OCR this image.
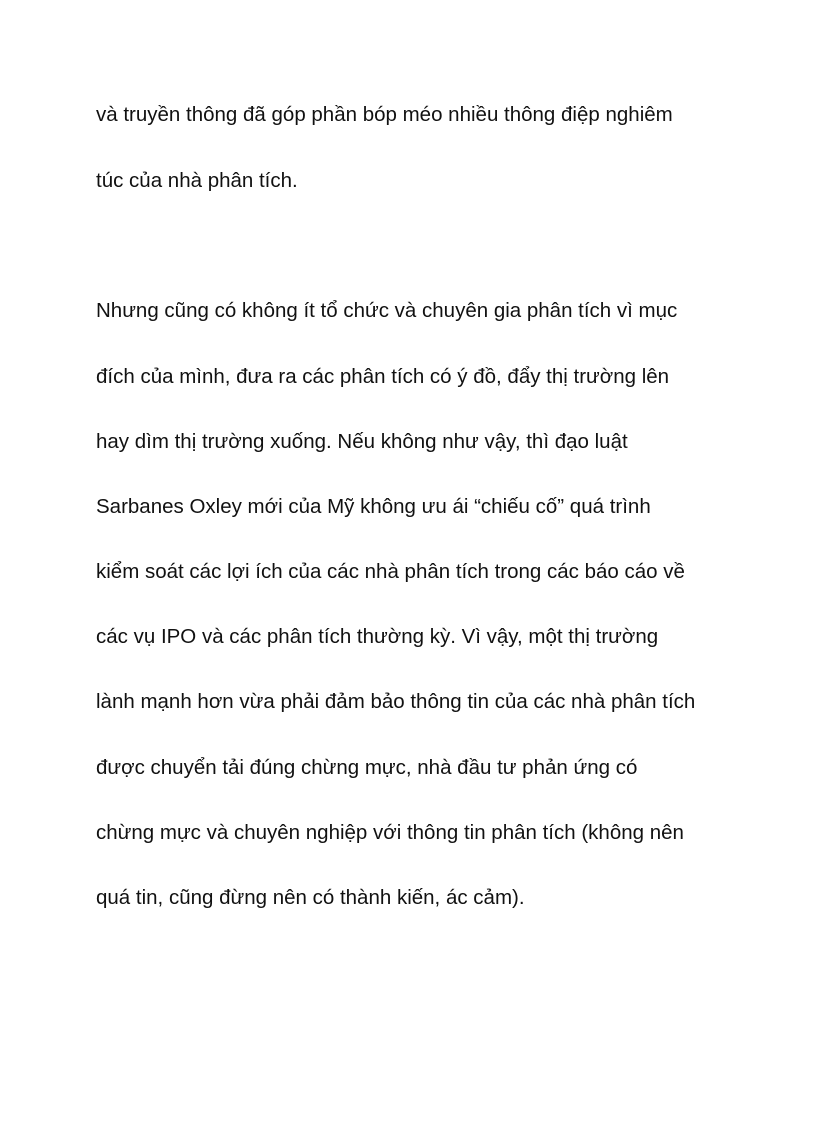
và truyền thông đã góp phần bóp méo nhiều thông điệp nghiêm

túc của nhà phân tích.

Nhưng cũng có không ít tổ chức và chuyên gia phân tích vì mục

đích của mình, đưa ra các phân tích có ý đồ, đẩy thị trường lên

hay dìm thị trường xuống. Nếu không như vậy, thì đạo luật

Sarbanes Oxley mới của Mỹ không ưu ái “chiếu cố” quá trình

kiểm soát các lợi ích của các nhà phân tích trong các báo cáo về

các vụ IPO và các phân tích thường kỳ. Vì vậy, một thị trường

lành mạnh hơn vừa phải đảm bảo thông tin của các nhà phân tích

được chuyển tải đúng chừng mực, nhà đầu tư phản ứng có

chừng mực và chuyên nghiệp với thông tin phân tích (không nên

quá tin, cũng đừng nên có thành kiến, ác cảm).
